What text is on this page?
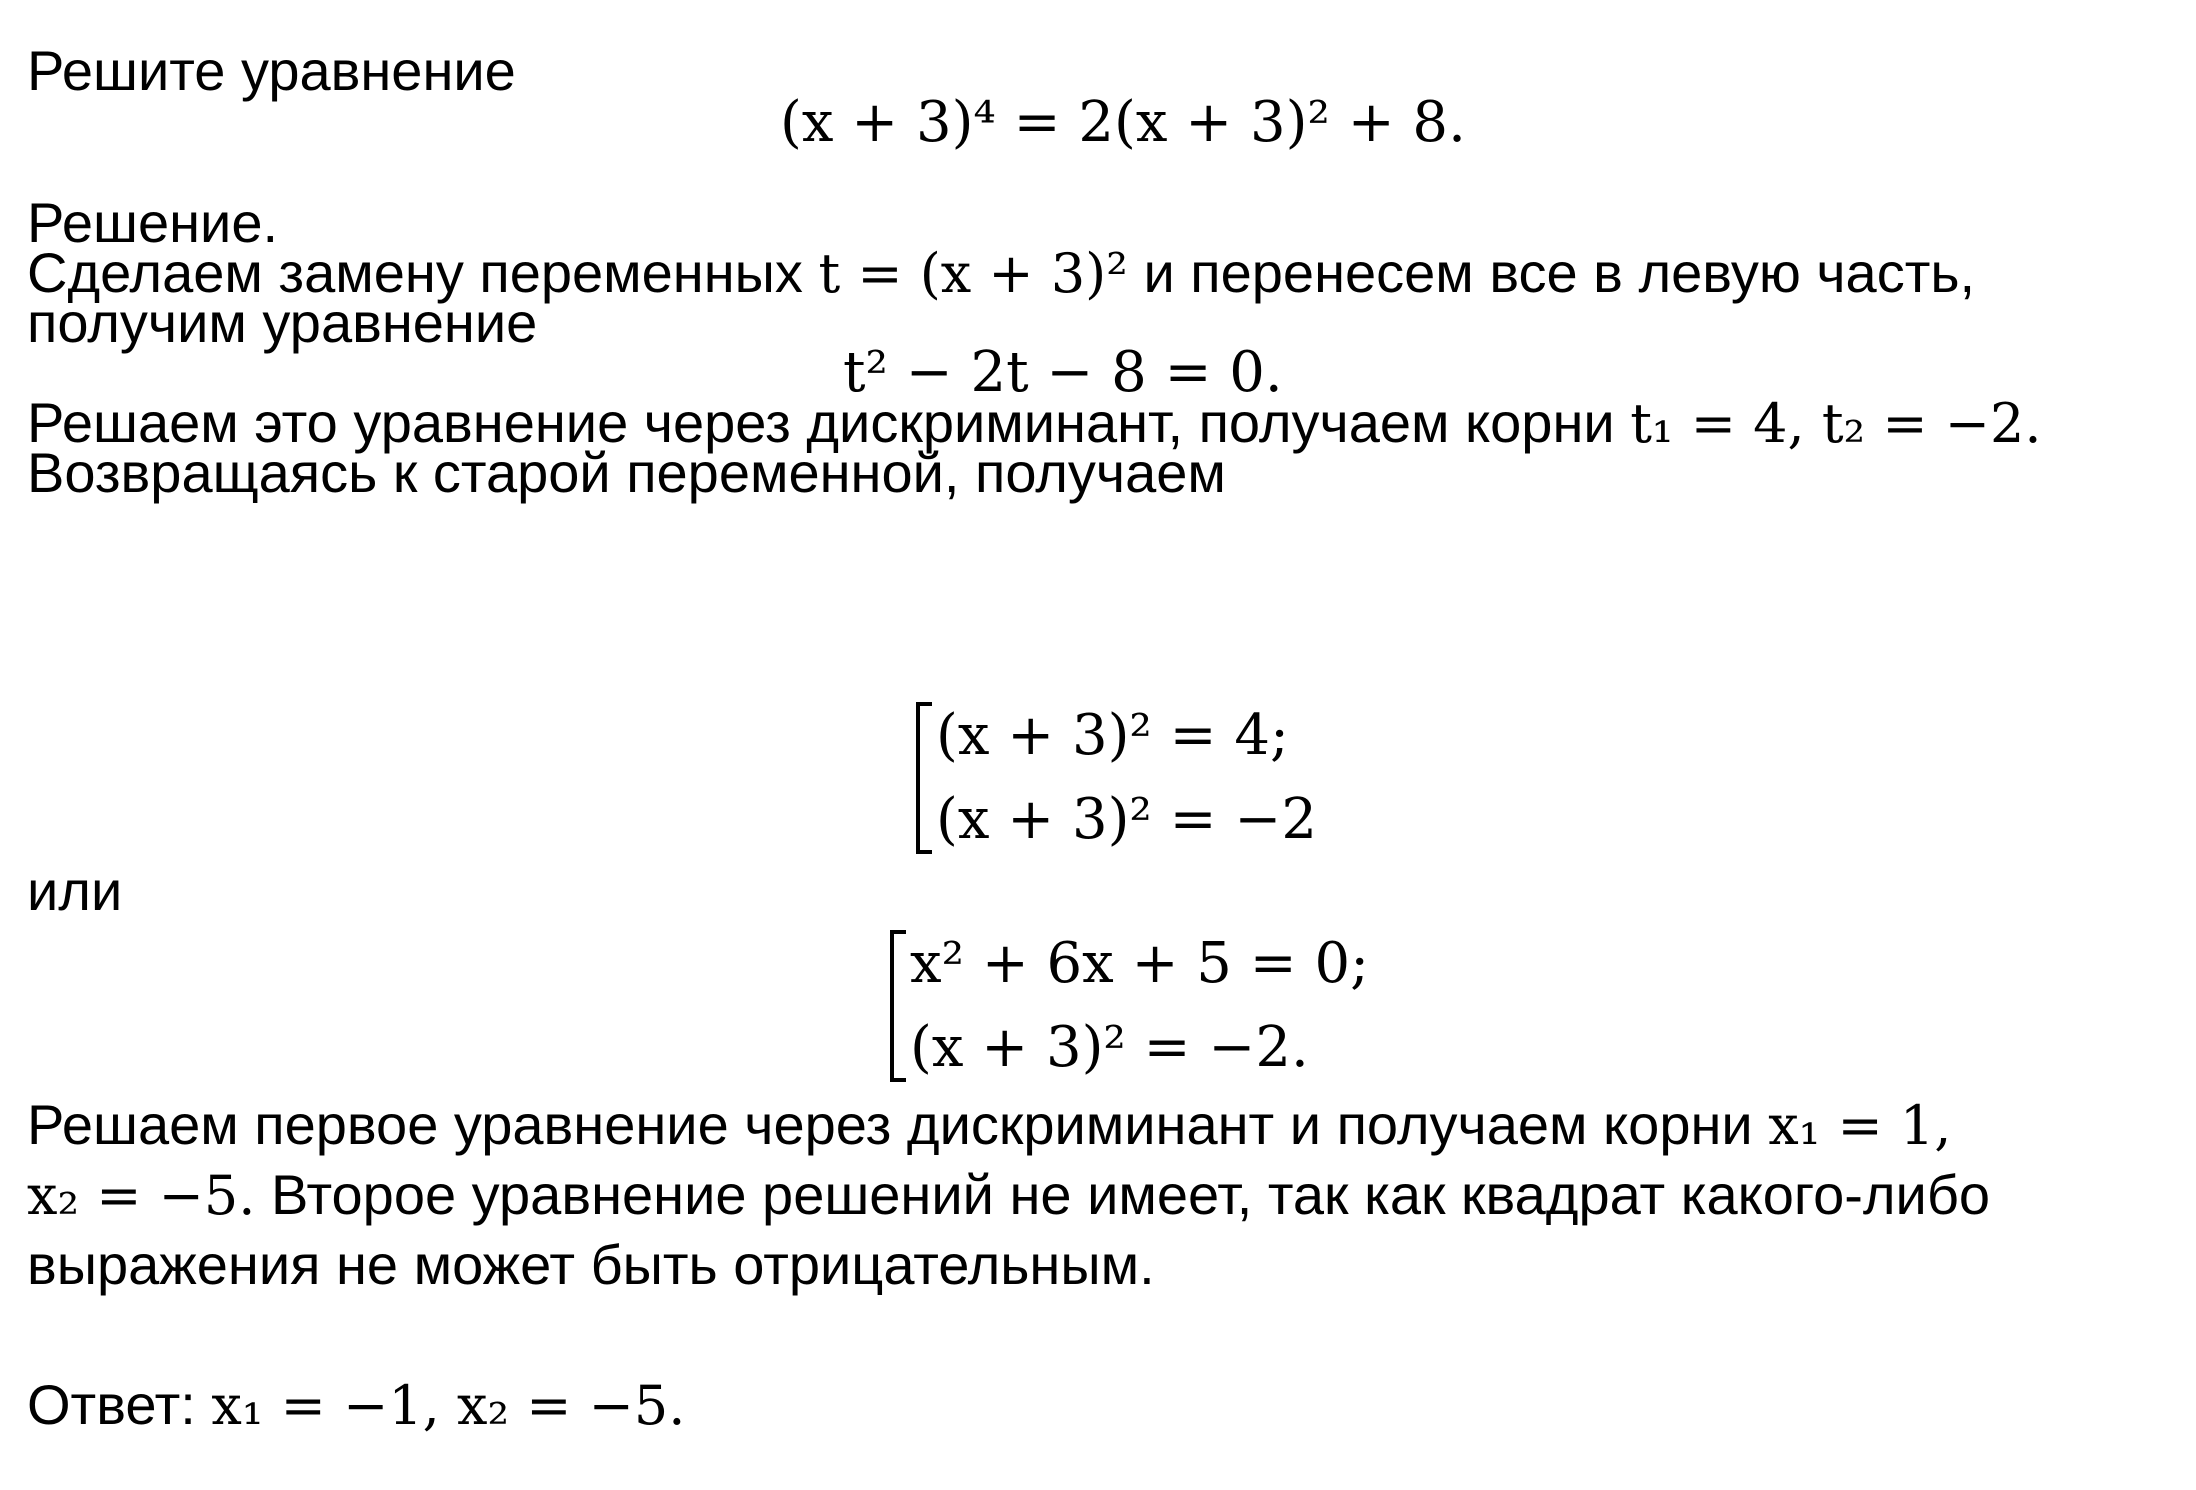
Решите уравнение
(x + 3)⁴ = 2(x + 3)² + 8.
Решение.
Сделаем замену переменных t = (x + 3)² и перенесем все в левую часть,
получим уравнение
t² − 2t − 8 = 0.
Решаем это уравнение через дискриминант, получаем корни t₁ = 4, t₂ = −2.
Возвращаясь к старой переменной, получаем
(x + 3)² = 4;
(x + 3)² = −2
или
x² + 6x + 5 = 0;
(x + 3)² = −2.
Решаем первое уравнение через дискриминант и получаем корни x₁ = 1,
x₂ = −5. Второе уравнение решений не имеет, так как квадрат какого-либо
выражения не может быть отрицательным.
Ответ: x₁ = −1, x₂ = −5.
